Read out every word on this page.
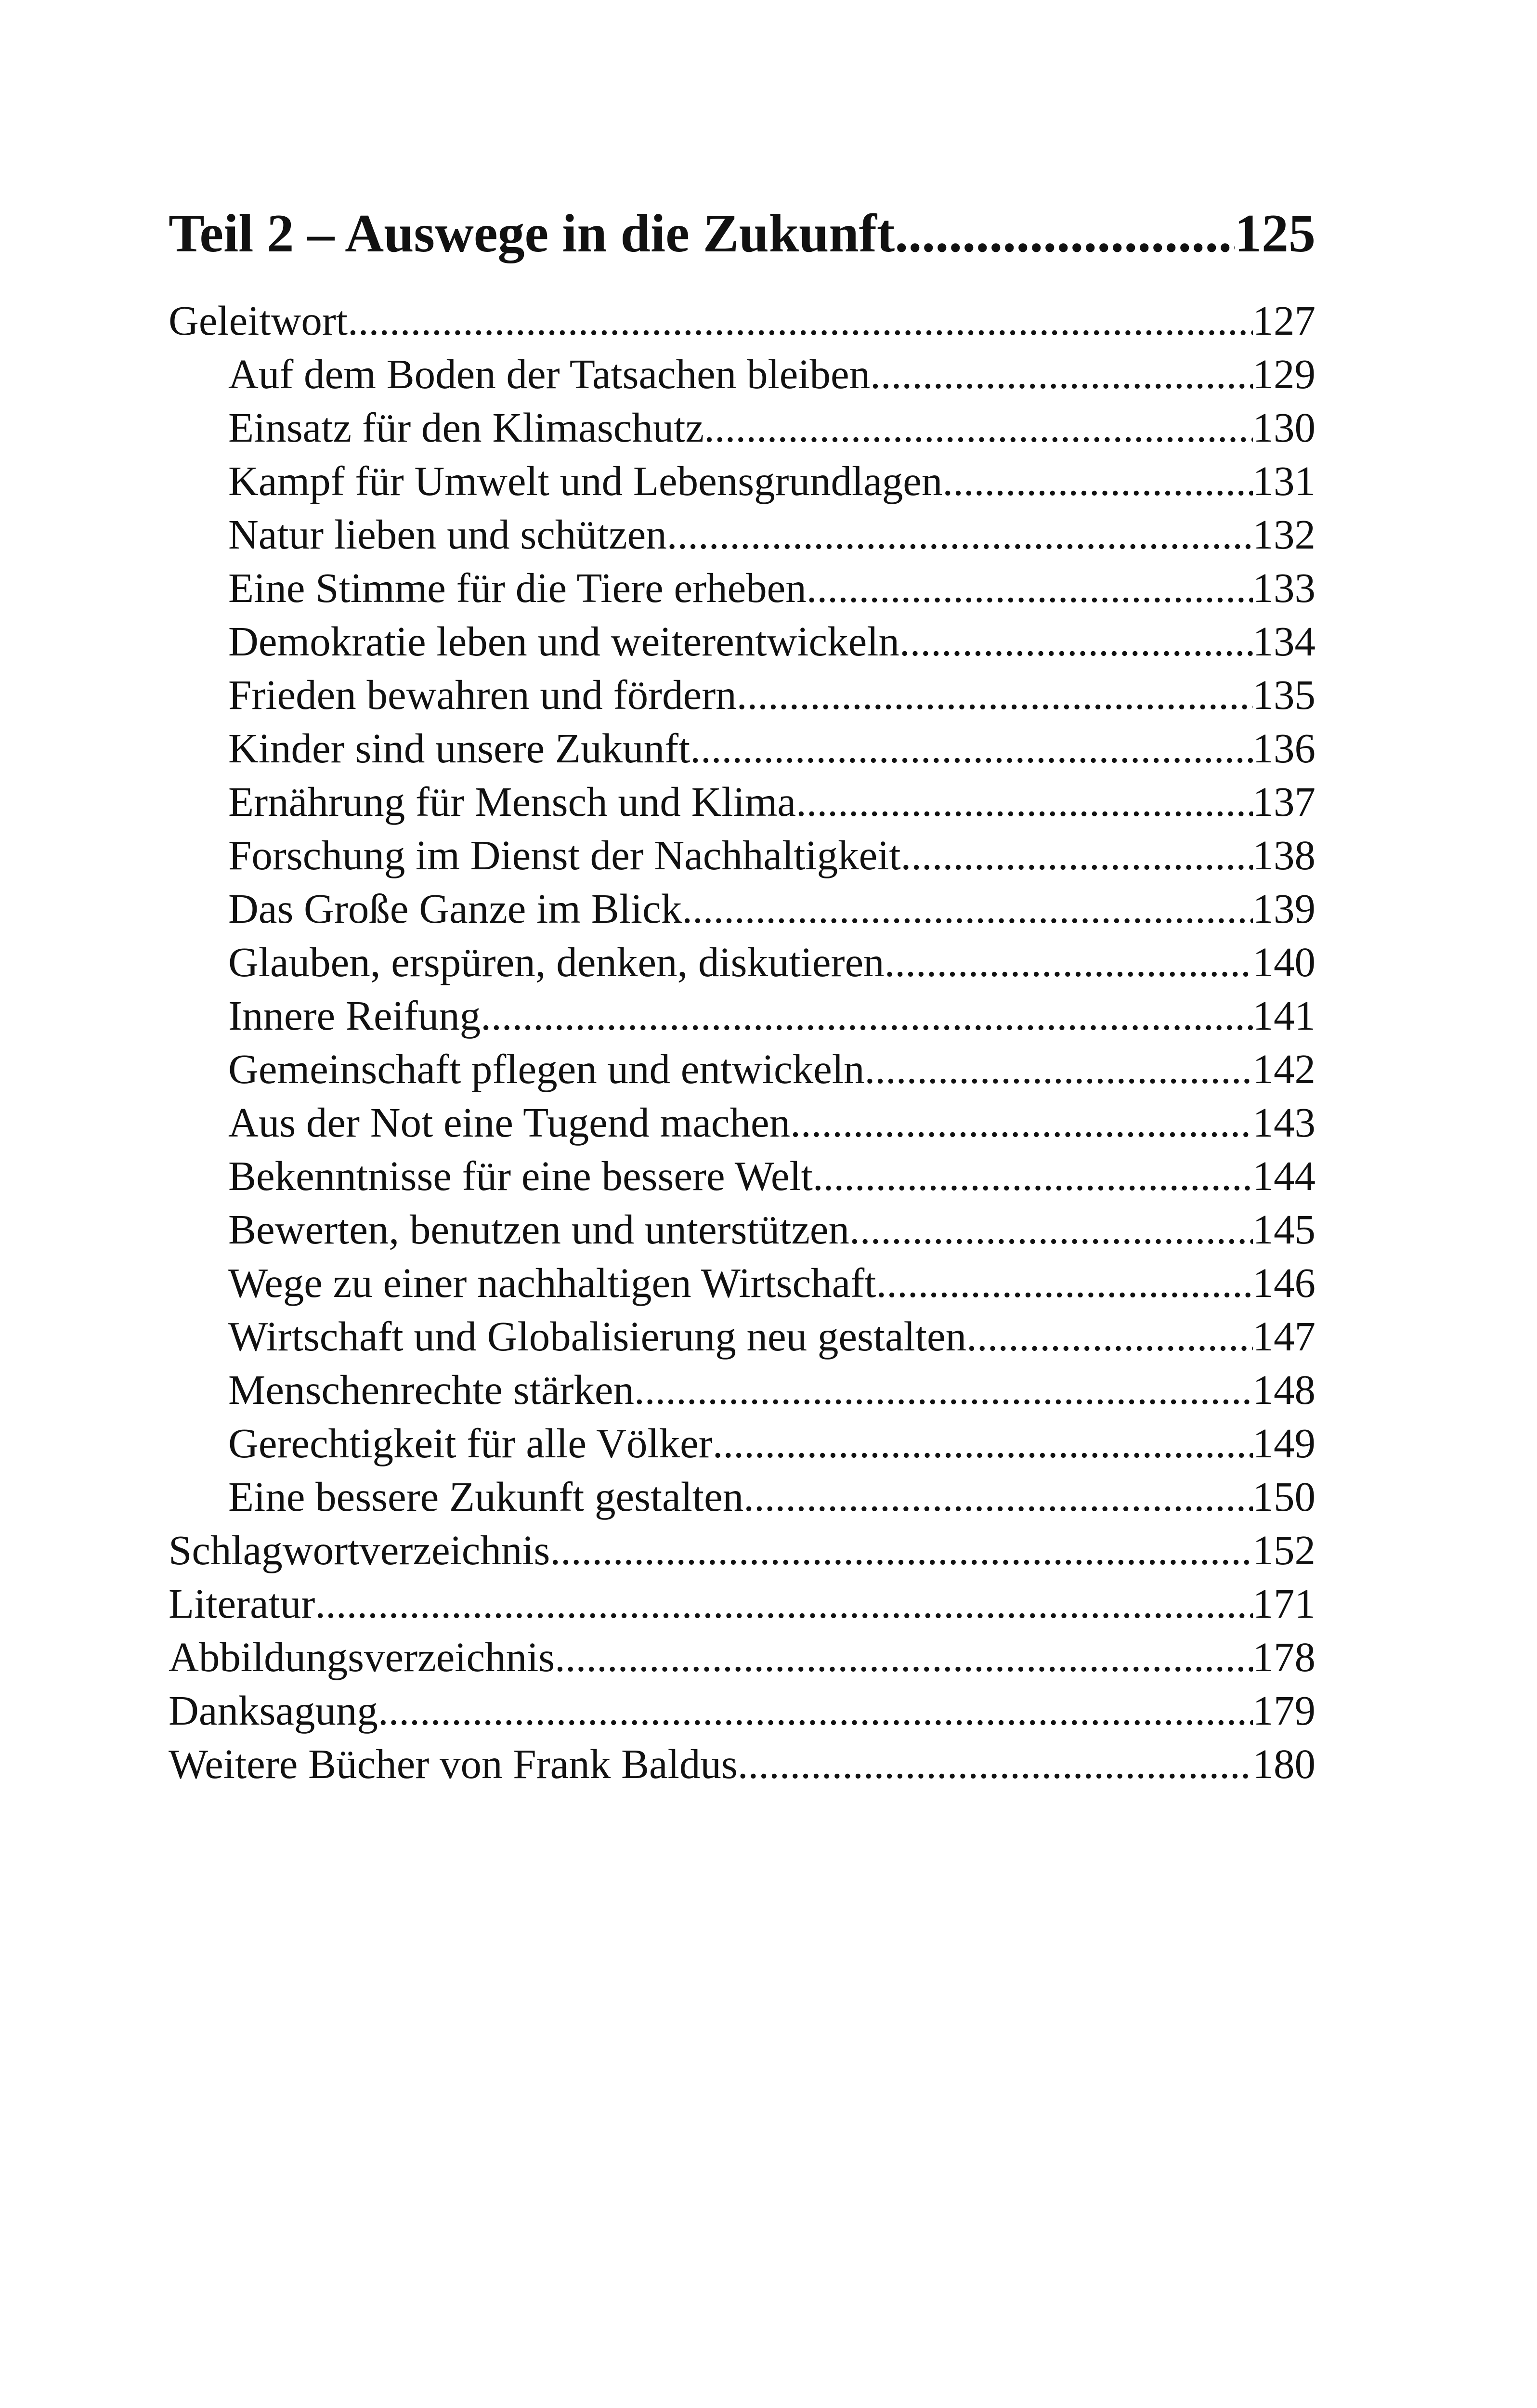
Teil 2 – Auswege in die Zukunft .....	125
Geleitwort .....	127
Auf dem Boden der Tatsachen bleiben .....	129
Einsatz für den Klimaschutz .....	130
Kampf für Umwelt und Lebensgrundlagen .....	131
Natur lieben und schützen .....	132
Eine Stimme für die Tiere erheben .....	133
Demokratie leben und weiterentwickeln .....	134
Frieden bewahren und fördern .....	135
Kinder sind unsere Zukunft .....	136
Ernährung für Mensch und Klima .....	137
Forschung im Dienst der Nachhaltigkeit .....	138
Das Große Ganze im Blick .....	139
Glauben, erspüren, denken, diskutieren .....	140
Innere Reifung .....	141
Gemeinschaft pflegen und entwickeln .....	142
Aus der Not eine Tugend machen .....	143
Bekenntnisse für eine bessere Welt .....	144
Bewerten, benutzen und unterstützen .....	145
Wege zu einer nachhaltigen Wirtschaft .....	146
Wirtschaft und Globalisierung neu gestalten .....	147
Menschenrechte stärken .....	148
Gerechtigkeit für alle Völker .....	149
Eine bessere Zukunft gestalten .....	150
Schlagwortverzeichnis .....	152
Literatur .....	171
Abbildungsverzeichnis .....	178
Danksagung .....	179
Weitere Bücher von Frank Baldus .....	180
